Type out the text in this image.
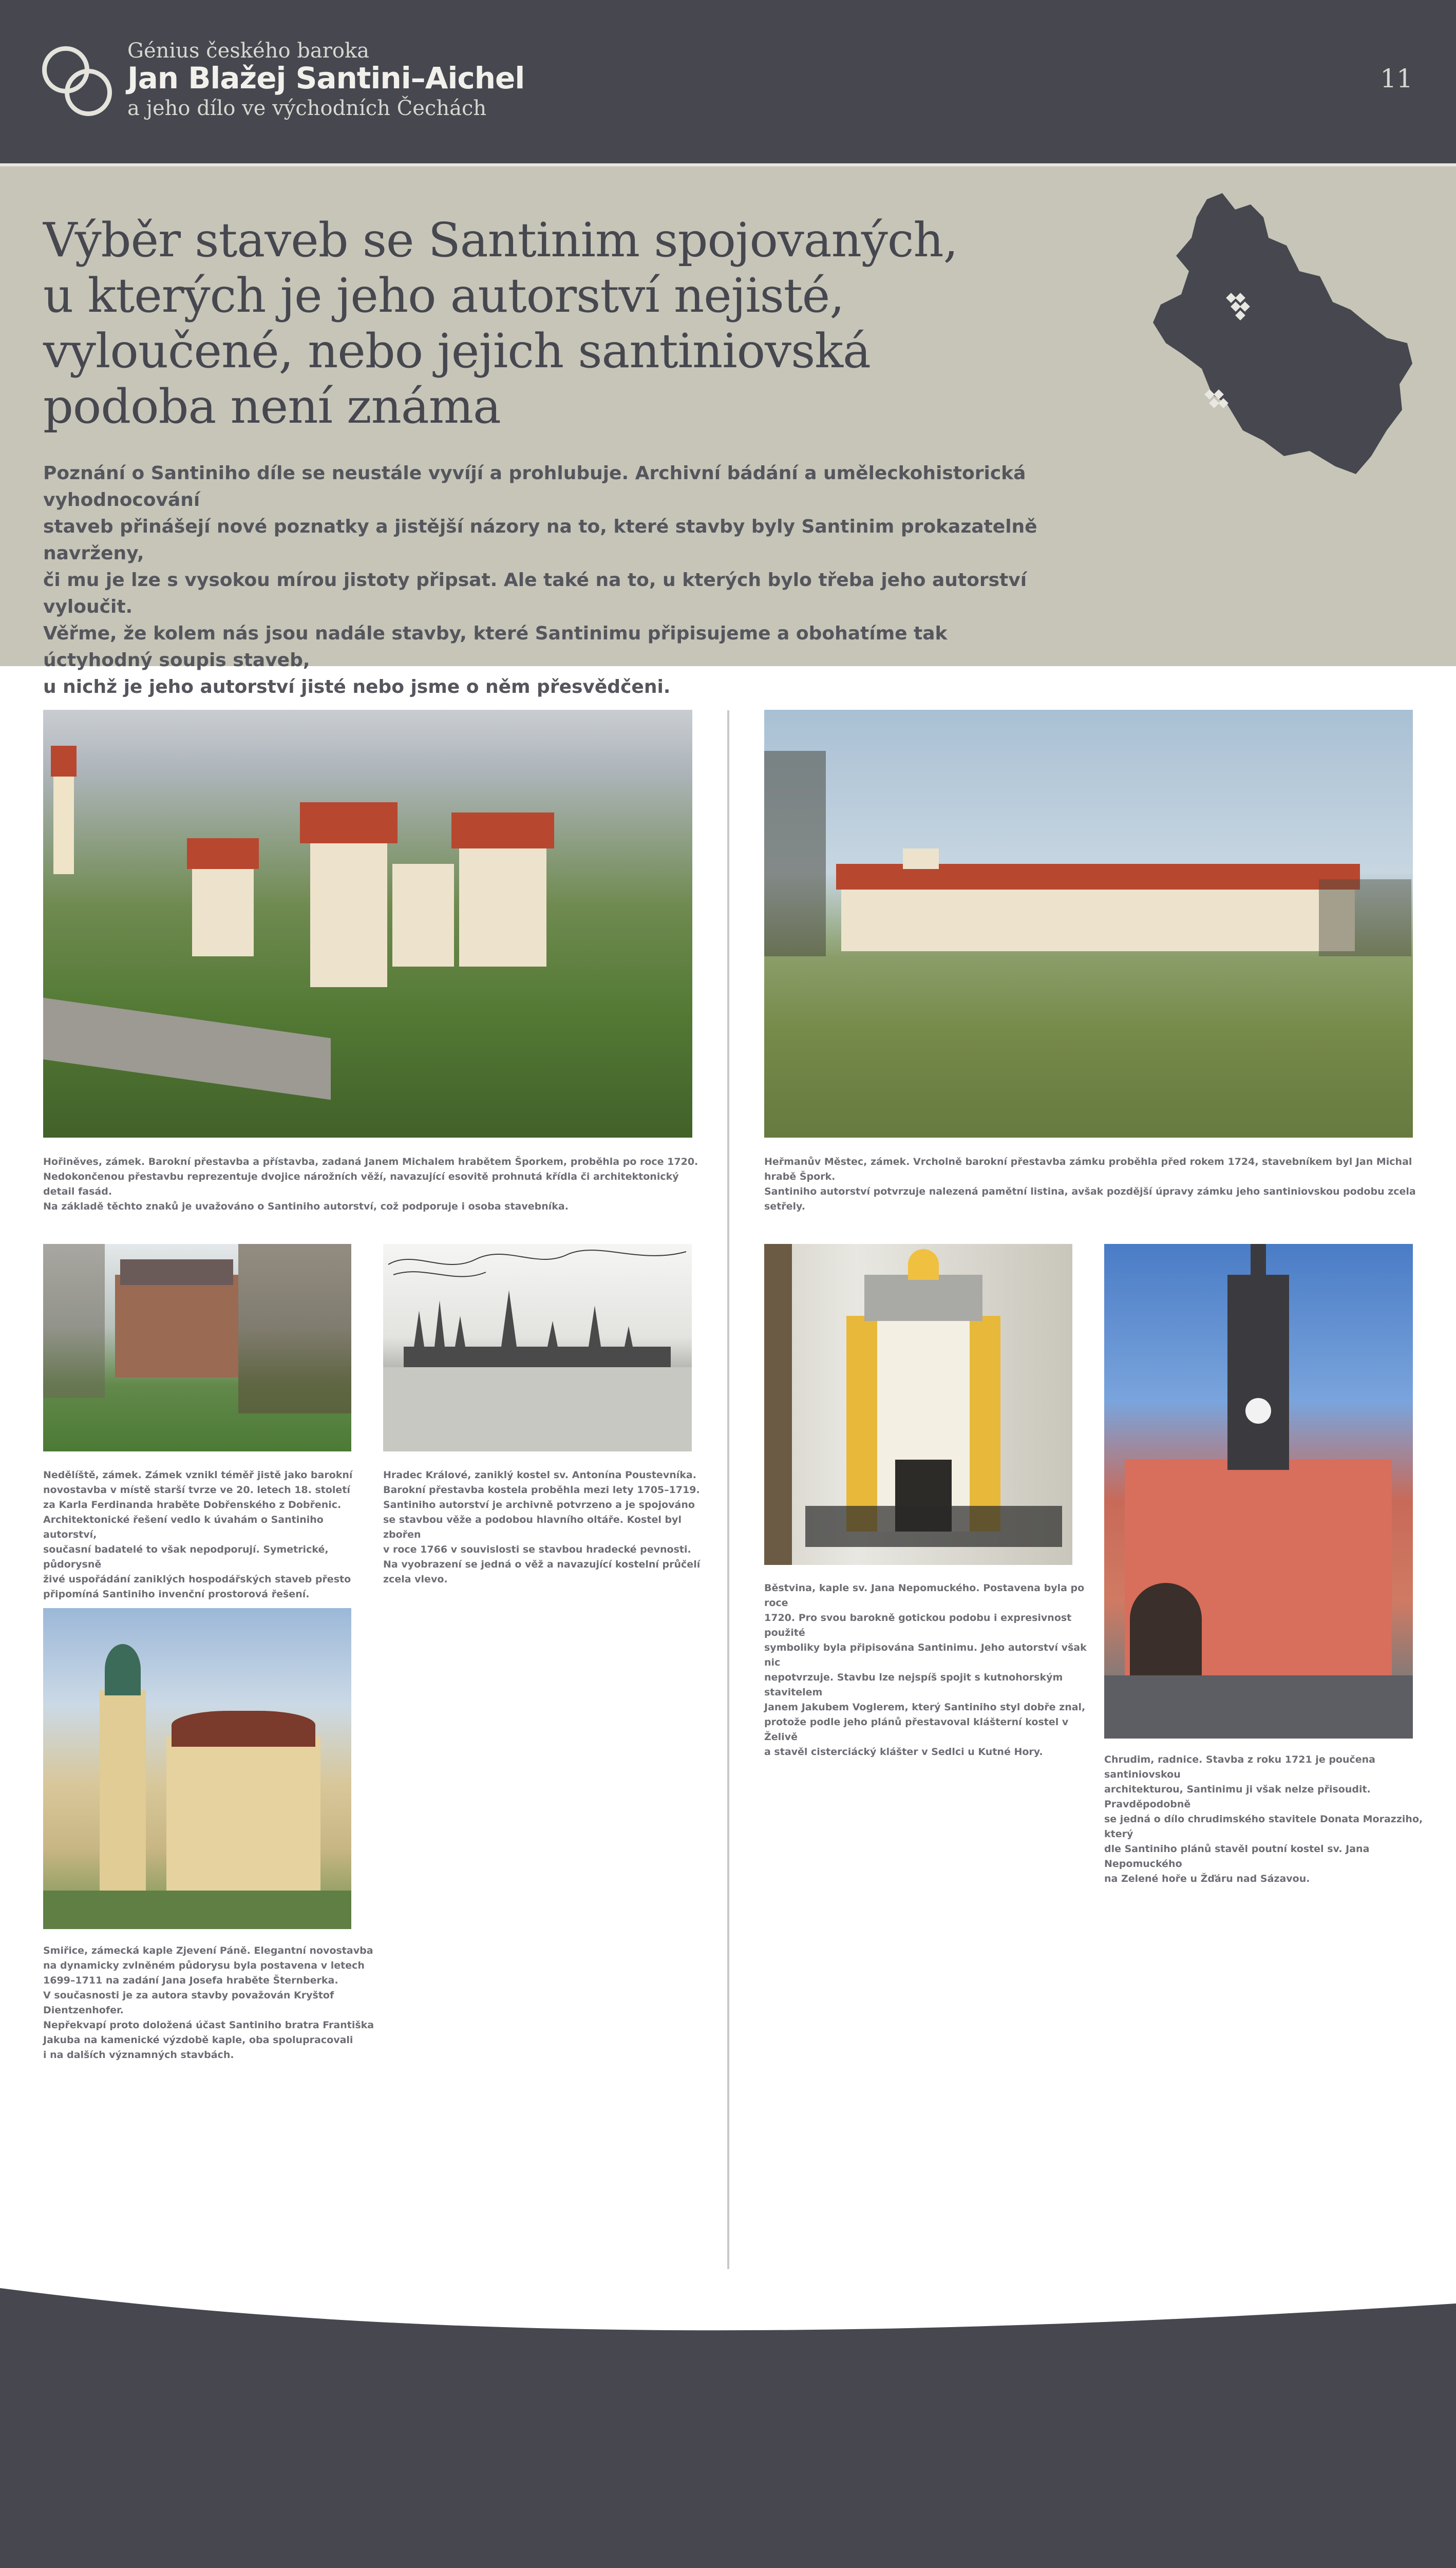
Génius českého baroka
Jan Blažej Santini–Aichel
a jeho dílo ve východních Čechách
11
Výběr staveb se Santinim spojovaných,
u kterých je jeho autorství nejisté,
vyloučené, nebo jejich santiniovská
podoba není známa
Poznání o Santiniho díle se neustále vyvíjí a prohlubuje. Archivní bádání a uměleckohistorická vyhodnocování
staveb přinášejí nové poznatky a jistější názory na to, které stavby byly Santinim prokazatelně navrženy,
či mu je lze s vysokou mírou jistoty připsat. Ale také na to, u kterých bylo třeba jeho autorství vyloučit.
Věřme, že kolem nás jsou nadále stavby, které Santinimu připisujeme a obohatíme tak úctyhodný soupis staveb,
u nichž je jeho autorství jisté nebo jsme o něm přesvědčeni.
Hořiněves, zámek. Barokní přestavba a přístavba, zadaná Janem Michalem hrabětem Šporkem, proběhla po roce 1720.
Nedokončenou přestavbu reprezentuje dvojice nárožních věží, navazující esovitě prohnutá křídla či architektonický detail fasád.
Na základě těchto znaků je uvažováno o Santiniho autorství, což podporuje i osoba stavebníka.
Heřmanův Městec, zámek. Vrcholně barokní přestavba zámku proběhla před rokem 1724, stavebníkem byl Jan Michal hrabě Špork.
Santiniho autorství potvrzuje nalezená pamětní listina, avšak pozdější úpravy zámku jeho santiniovskou podobu zcela setřely.
Nedělíště, zámek. Zámek vznikl téměř jistě jako barokní
novostavba v místě starší tvrze ve 20. letech 18. století
za Karla Ferdinanda hraběte Dobřenského z Dobřenic.
Architektonické řešení vedlo k úvahám o Santiniho autorství,
současní badatelé to však nepodporují. Symetrické, půdorysně
živé uspořádání zaniklých hospodářských staveb přesto
připomíná Santiniho invenční prostorová řešení.
Hradec Králové, zaniklý kostel sv. Antonína Poustevníka.
Barokní přestavba kostela proběhla mezi lety 1705–1719.
Santiniho autorství je archivně potvrzeno a je spojováno
se stavbou věže a podobou hlavního oltáře. Kostel byl zbořen
v roce 1766 v souvislosti se stavbou hradecké pevnosti.
Na vyobrazení se jedná o věž a navazující kostelní průčelí
zcela vlevo.
Běstvina, kaple sv. Jana Nepomuckého. Postavena byla po roce
1720. Pro svou barokně gotickou podobu i expresivnost použité
symboliky byla připisována Santinimu. Jeho autorství však nic
nepotvrzuje. Stavbu lze nejspíš spojit s kutnohorským stavitelem
Janem Jakubem Voglerem, který Santiniho styl dobře znal,
protože podle jeho plánů přestavoval klášterní kostel v Želivě
a stavěl cisterciácký klášter v Sedlci u Kutné Hory.
Chrudim, radnice. Stavba z roku 1721 je poučena santiniovskou
architekturou, Santinimu ji však nelze přisoudit. Pravděpodobně
se jedná o dílo chrudimského stavitele Donata Morazziho, který
dle Santiniho plánů stavěl poutní kostel sv. Jana Nepomuckého
na Zelené hoře u Žďáru nad Sázavou.
Smiřice, zámecká kaple Zjevení Páně. Elegantní novostavba
na dynamicky zvlněném půdorysu byla postavena v letech
1699–1711 na zadání Jana Josefa hraběte Šternberka.
V současnosti je za autora stavby považován Kryštof Dientzenhofer.
Nepřekvapí proto doložená účast Santiniho bratra Františka
Jakuba na kamenické výzdobě kaple, oba spolupracovali
i na dalších významných stavbách.
